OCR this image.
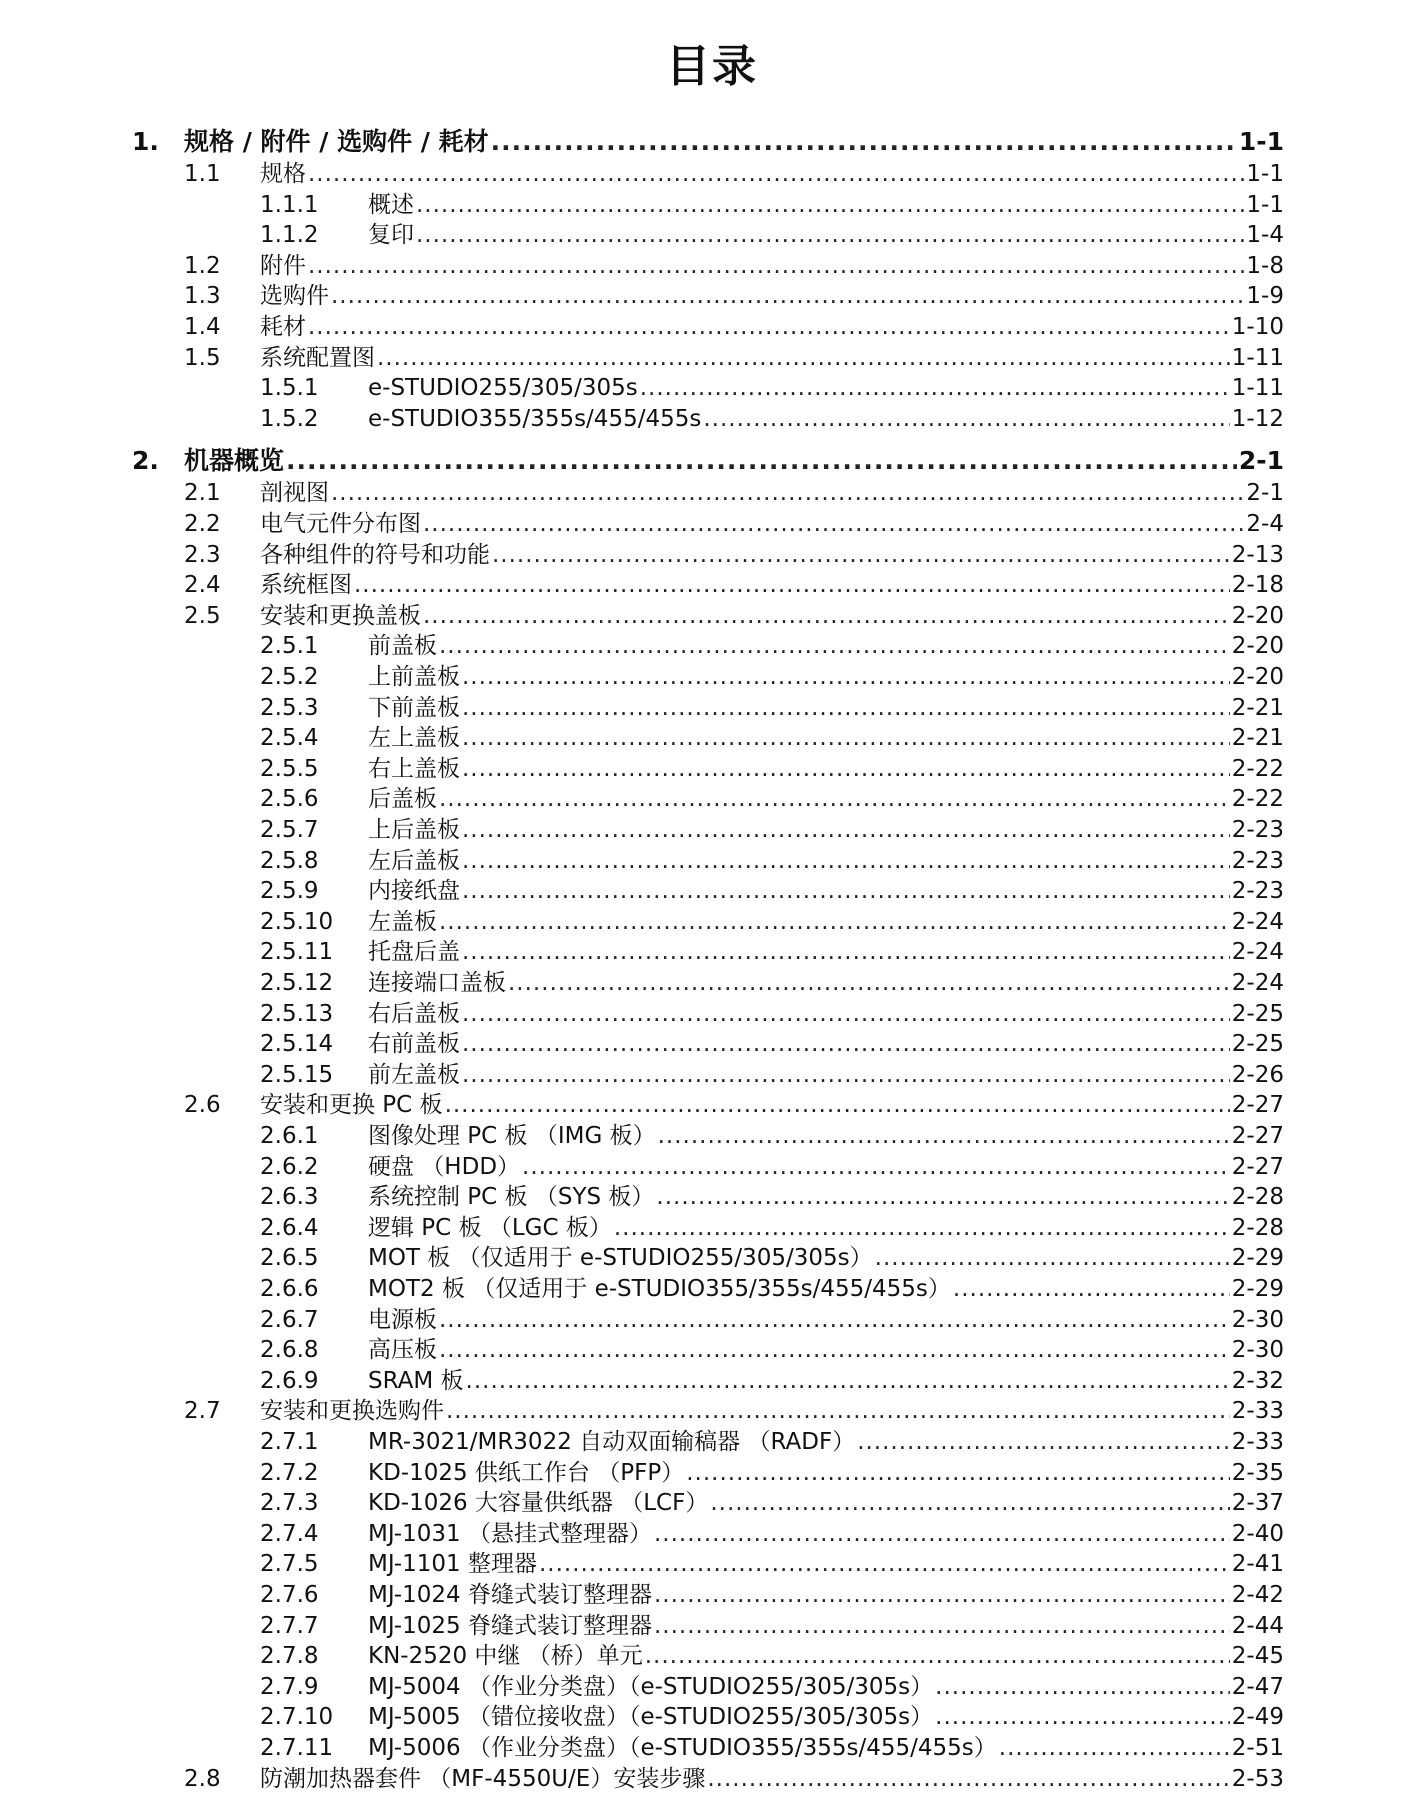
目录
1. 规格 / 附件 / 选购件 / 耗材 .....	1-1
1.1 规格 .....	1-1
1.1.1 概述 .....	1-1
1.1.2 复印 .....	1-4
1.2 附件 .....	1-8
1.3 选购件 .....	1-9
1.4 耗材 .....	1-10
1.5 系统配置图 .....	1-11
1.5.1 e-STUDIO255/305/305s .....	1-11
1.5.2 e-STUDIO355/355s/455/455s .....	1-12
2. 机器概览 .....	2-1
2.1 剖视图 .....	2-1
2.2 电气元件分布图 .....	2-4
2.3 各种组件的符号和功能 .....	2-13
2.4 系统框图 .....	2-18
2.5 安装和更换盖板 .....	2-20
2.5.1 前盖板 .....	2-20
2.5.2 上前盖板 .....	2-20
2.5.3 下前盖板 .....	2-21
2.5.4 左上盖板 .....	2-21
2.5.5 右上盖板 .....	2-22
2.5.6 后盖板 .....	2-22
2.5.7 上后盖板 .....	2-23
2.5.8 左后盖板 .....	2-23
2.5.9 内接纸盘 .....	2-23
2.5.10 左盖板 .....	2-24
2.5.11 托盘后盖 .....	2-24
2.5.12 连接端口盖板 .....	2-24
2.5.13 右后盖板 .....	2-25
2.5.14 右前盖板 .....	2-25
2.5.15 前左盖板 .....	2-26
2.6 安装和更换 PC 板 .....	2-27
2.6.1 图像处理 PC 板 （IMG 板） .....	2-27
2.6.2 硬盘 （HDD） .....	2-27
2.6.3 系统控制 PC 板 （SYS 板） .....	2-28
2.6.4 逻辑 PC 板 （LGC 板） .....	2-28
2.6.5 MOT 板 （仅适用于 e-STUDIO255/305/305s） .....	2-29
2.6.6 MOT2 板 （仅适用于 e-STUDIO355/355s/455/455s） .....	2-29
2.6.7 电源板 .....	2-30
2.6.8 高压板 .....	2-30
2.6.9 SRAM 板 .....	2-32
2.7 安装和更换选购件 .....	2-33
2.7.1 MR-3021/MR3022 自动双面输稿器 （RADF） .....	2-33
2.7.2 KD-1025 供纸工作台 （PFP） .....	2-35
2.7.3 KD-1026 大容量供纸器 （LCF） .....	2-37
2.7.4 MJ-1031 （悬挂式整理器） .....	2-40
2.7.5 MJ-1101 整理器 .....	2-41
2.7.6 MJ-1024 脊缝式装订整理器 .....	2-42
2.7.7 MJ-1025 脊缝式装订整理器 .....	2-44
2.7.8 KN-2520 中继 （桥）单元 .....	2-45
2.7.9 MJ-5004 （作业分类盘）（e-STUDIO255/305/305s） .....	2-47
2.7.10 MJ-5005 （错位接收盘）（e-STUDIO255/305/305s） .....	2-49
2.7.11 MJ-5006 （作业分类盘）（e-STUDIO355/355s/455/455s） .....	2-51
2.8 防潮加热器套件 （MF-4550U/E）安装步骤 .....	2-53
